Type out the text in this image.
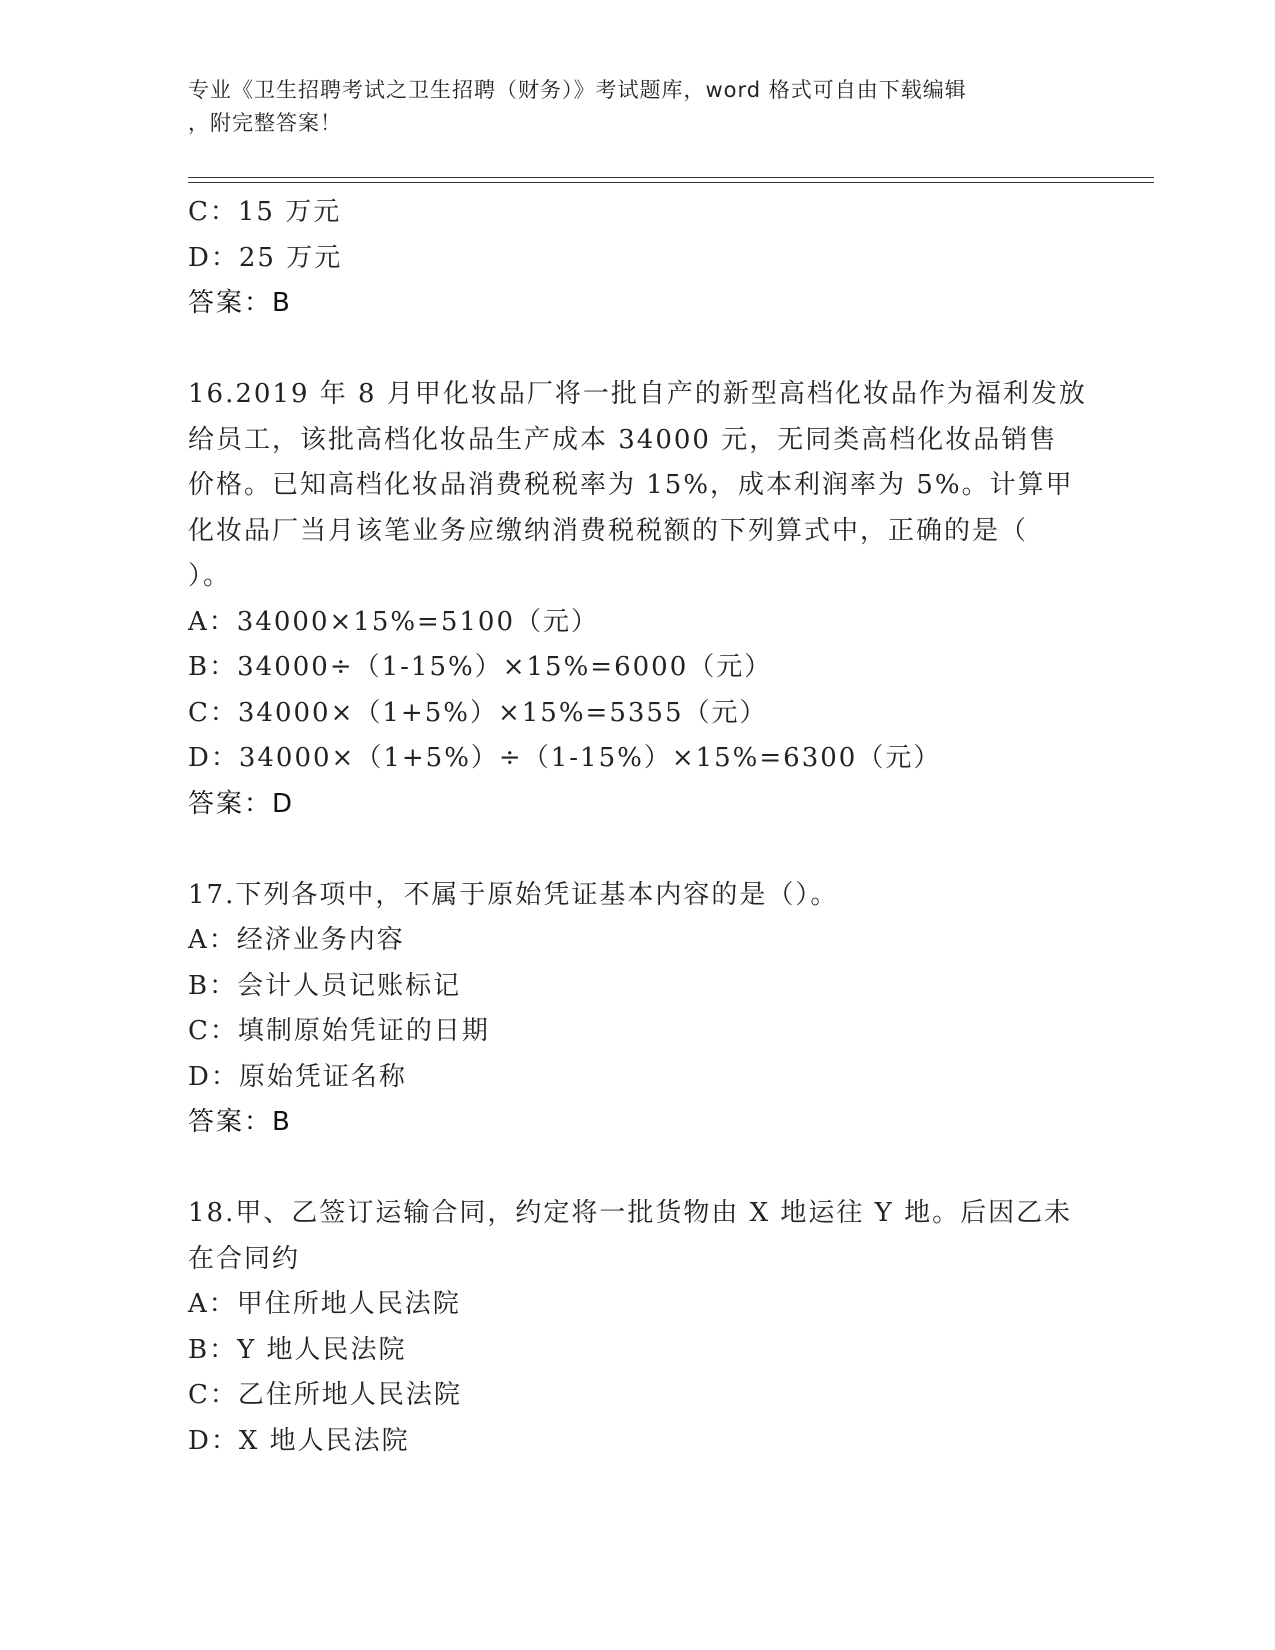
专业《卫生招聘考试之卫生招聘（财务）》考试题库，word 格式可自由下载编辑
，附完整答案！
C：15 万元
D：25 万元
答案：B
16.2019 年 8 月甲化妆品厂将一批自产的新型高档化妆品作为福利发放
给员工，该批高档化妆品生产成本 34000 元，无同类高档化妆品销售
价格。已知高档化妆品消费税税率为 15%，成本利润率为 5%。计算甲
化妆品厂当月该笔业务应缴纳消费税税额的下列算式中，正确的是（
）。
A：34000×15%=5100（元）
B：34000÷（1-15%）×15%=6000（元）
C：34000×（1+5%）×15%=5355（元）
D：34000×（1+5%）÷（1-15%）×15%=6300（元）
答案：D
17.下列各项中，不属于原始凭证基本内容的是（）。
A：经济业务内容
B：会计人员记账标记
C：填制原始凭证的日期
D：原始凭证名称
答案：B
18.甲、乙签订运输合同，约定将一批货物由 X 地运往 Y 地。后因乙未
在合同约
A：甲住所地人民法院
B：Y 地人民法院
C：乙住所地人民法院
D：X 地人民法院
